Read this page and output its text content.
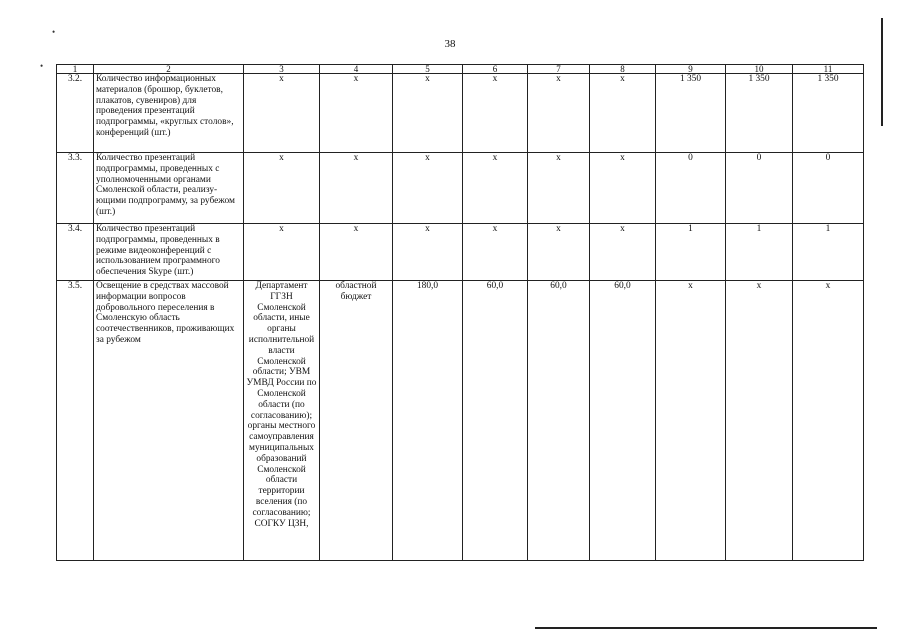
•
•
38
1	2	3	4	5	6	7	8	9	10	11
3.2.	Количество информационных материалов (брошюр, буклетов, плакатов, сувениров) для проведения презентаций подпрограммы, «круглых столов», конференций (шт.)	х	х	х	х	х	х	1 350	1 350	1 350
3.3.	Количество презентаций подпрограммы, проведенных с уполномоченными органами Смоленской области, реализу-ющими подпрограмму, за рубежом (шт.)	х	х	х	х	х	х	0	0	0
3.4.	Количество презентаций подпрограммы, проведенных в режиме видеоконференций с использованием программного обеспечения Skype (шт.)	х	х	х	х	х	х	1	1	1
3.5.	Освещение в средствах массовой информации вопросов добровольного переселения в Смоленскую область соотечественников, проживающих за рубежом	Департамент ГГЗН Смоленской области, иные органы исполнительной власти Смоленской области; УВМ УМВД России по Смоленской области (по согласованию); органы местного самоуправления муниципальных образований Смоленской области территории вселения (по согласованию; СОГКУ ЦЗН,	областной бюджет	180,0	60,0	60,0	60,0	х	х	х
